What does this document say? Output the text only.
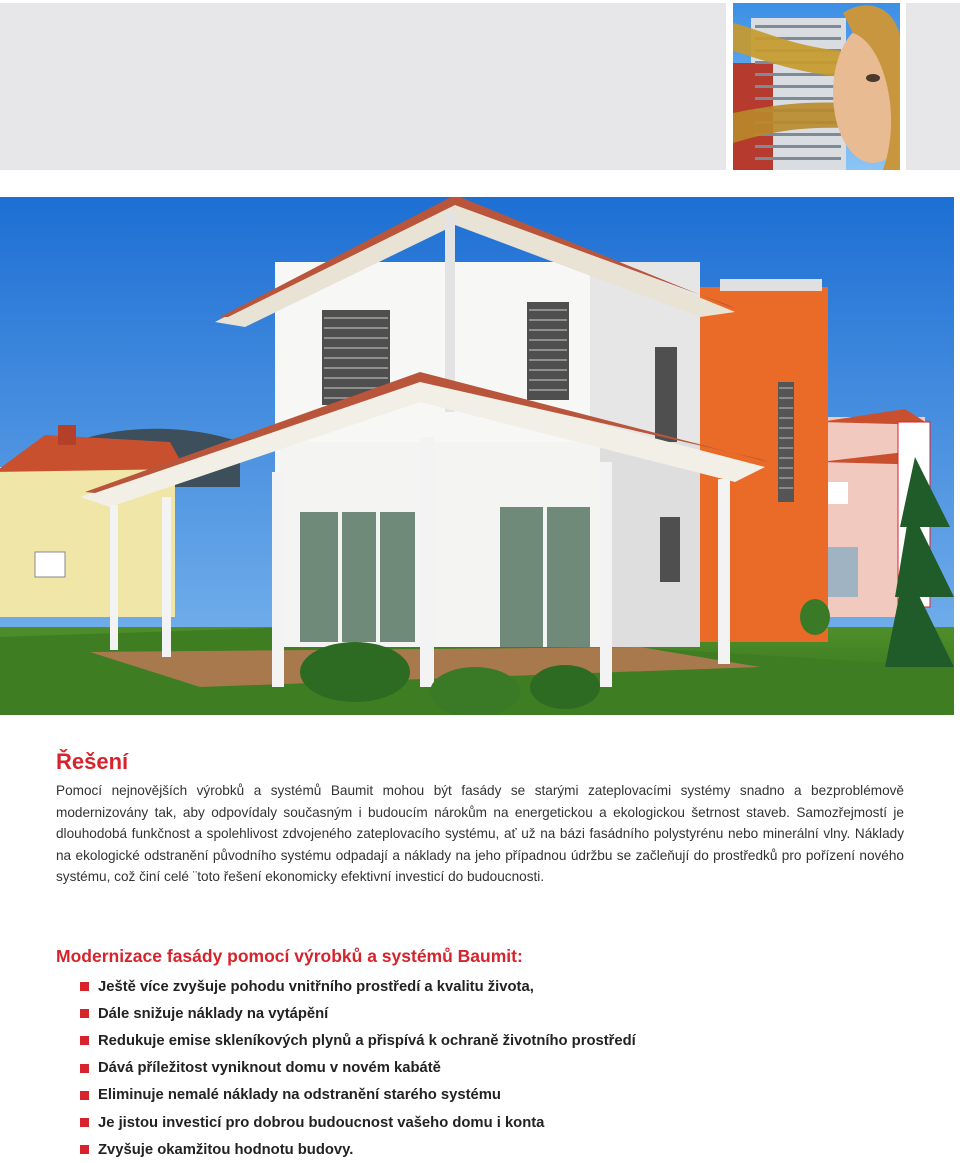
Řešení

Pomocí nejnovějších výrobků a systémů Baumit mohou být fasády se starými zateplovacími systémy snadno a bezproblémově modernizovány tak, aby odpovídaly současným i budoucím nárokům na energetickou a ekologickou šetrnost staveb. Samozřejmostí je dlouhodobá funkčnost a spolehlivost zdvojeného zateplovacího systému, ať už na bázi fasádního polystyrénu nebo minerální vlny. Náklady na ekologické odstranění původního systému odpadají a náklady na jeho případnou údržbu se začleňují do prostředků pro pořízení nového systému, což činí celé ¨toto řešení ekonomicky efektivní investicí do budoucnosti.

Modernizace fasády pomocí výrobků a systémů Baumit:
Ještě více zvyšuje pohodu vnitřního prostředí a kvalitu života,
Dále snižuje náklady na vytápění
Redukuje emise skleníkových plynů a přispívá k ochraně životního prostředí
Dává příležitost vyniknout domu v novém kabátě
Eliminuje nemalé náklady na odstranění starého systému
Je jistou investicí pro dobrou budoucnost vašeho domu i konta
Zvyšuje okamžitou hodnotu budovy.
